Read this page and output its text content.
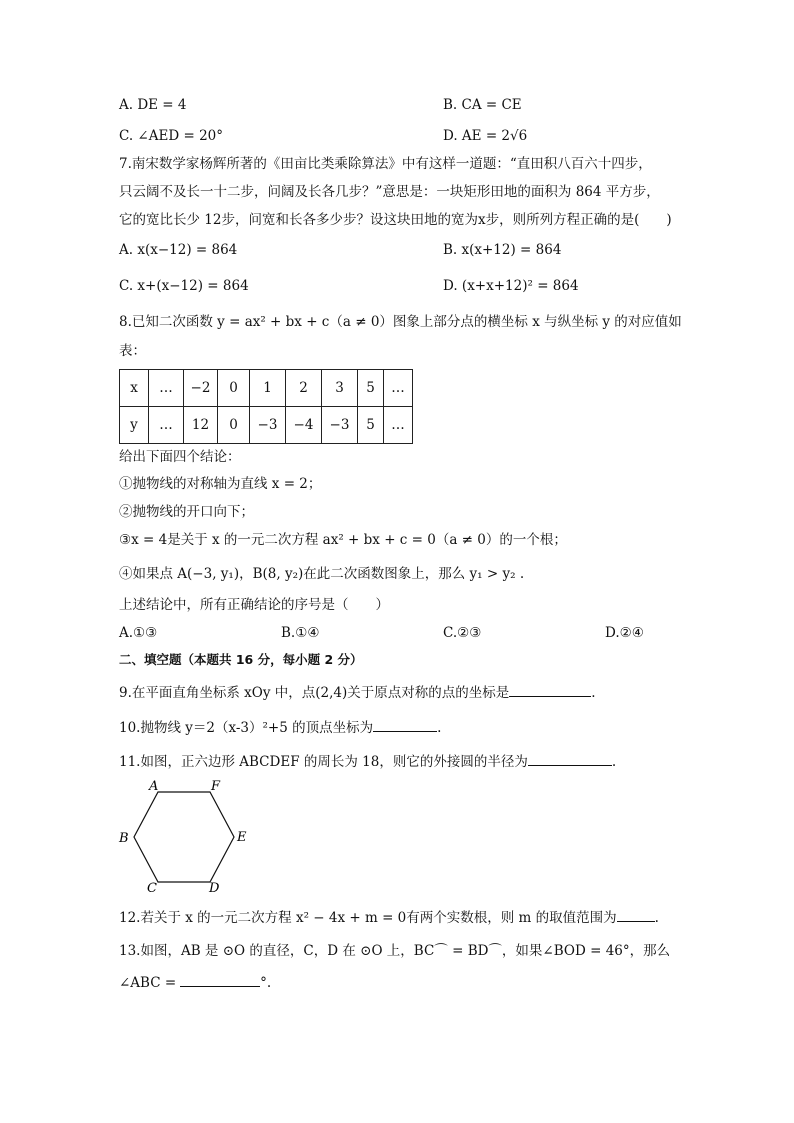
A. DE = 4	B. CA = CE
C. ∠AED = 20°	D. AE = 2√6
7.南宋数学家杨辉所著的《田亩比类乘除算法》中有这样一道题：“直田积八百六十四步，
只云阔不及长一十二步，问阔及长各几步？”意思是：一块矩形田地的面积为 864 平方步，
它的宽比长少 12步，问宽和长各多少步？设这块田地的宽为x步，则所列方程正确的是(　　)
A. x(x−12) = 864	B. x(x+12) = 864
C. x+(x−12) = 864	D. (x+x+12)² = 864
8.已知二次函数 y = ax² + bx + c（a ≠ 0）图象上部分点的横坐标 x 与纵坐标 y 的对应值如
表：
x	…	−2	0	1	2	3	5	…
y	…	12	0	−3	−4	−3	5	…
给出下面四个结论：
①抛物线的对称轴为直线 x = 2；
②抛物线的开口向下；
③x = 4是关于 x 的一元二次方程 ax² + bx + c = 0（a ≠ 0）的一个根；
④如果点 A(−3, y₁)，B(8, y₂)在此二次函数图象上，那么 y₁ > y₂ .
上述结论中，所有正确结论的序号是（　　）
A.①③	B.①④	C.②③	D.②④
二、填空题（本题共 16 分，每小题 2 分）
9.在平面直角坐标系 xOy 中，点(2,4)关于原点对称的点的坐标是	.
10.抛物线 y＝2（x-3）²+5 的顶点坐标为	.
11.如图，正六边形 ABCDEF 的周长为 18，则它的外接圆的半径为	.
A	F
B	E
C	D
12.若关于 x 的一元二次方程 x² − 4x + m = 0有两个实数根，则 m 的取值范围为	.
13.如图，AB 是 ⊙O 的直径，C，D 在 ⊙O 上，BC⌒ = BD⌒，如果∠BOD = 46°，那么
∠ABC =	°.
